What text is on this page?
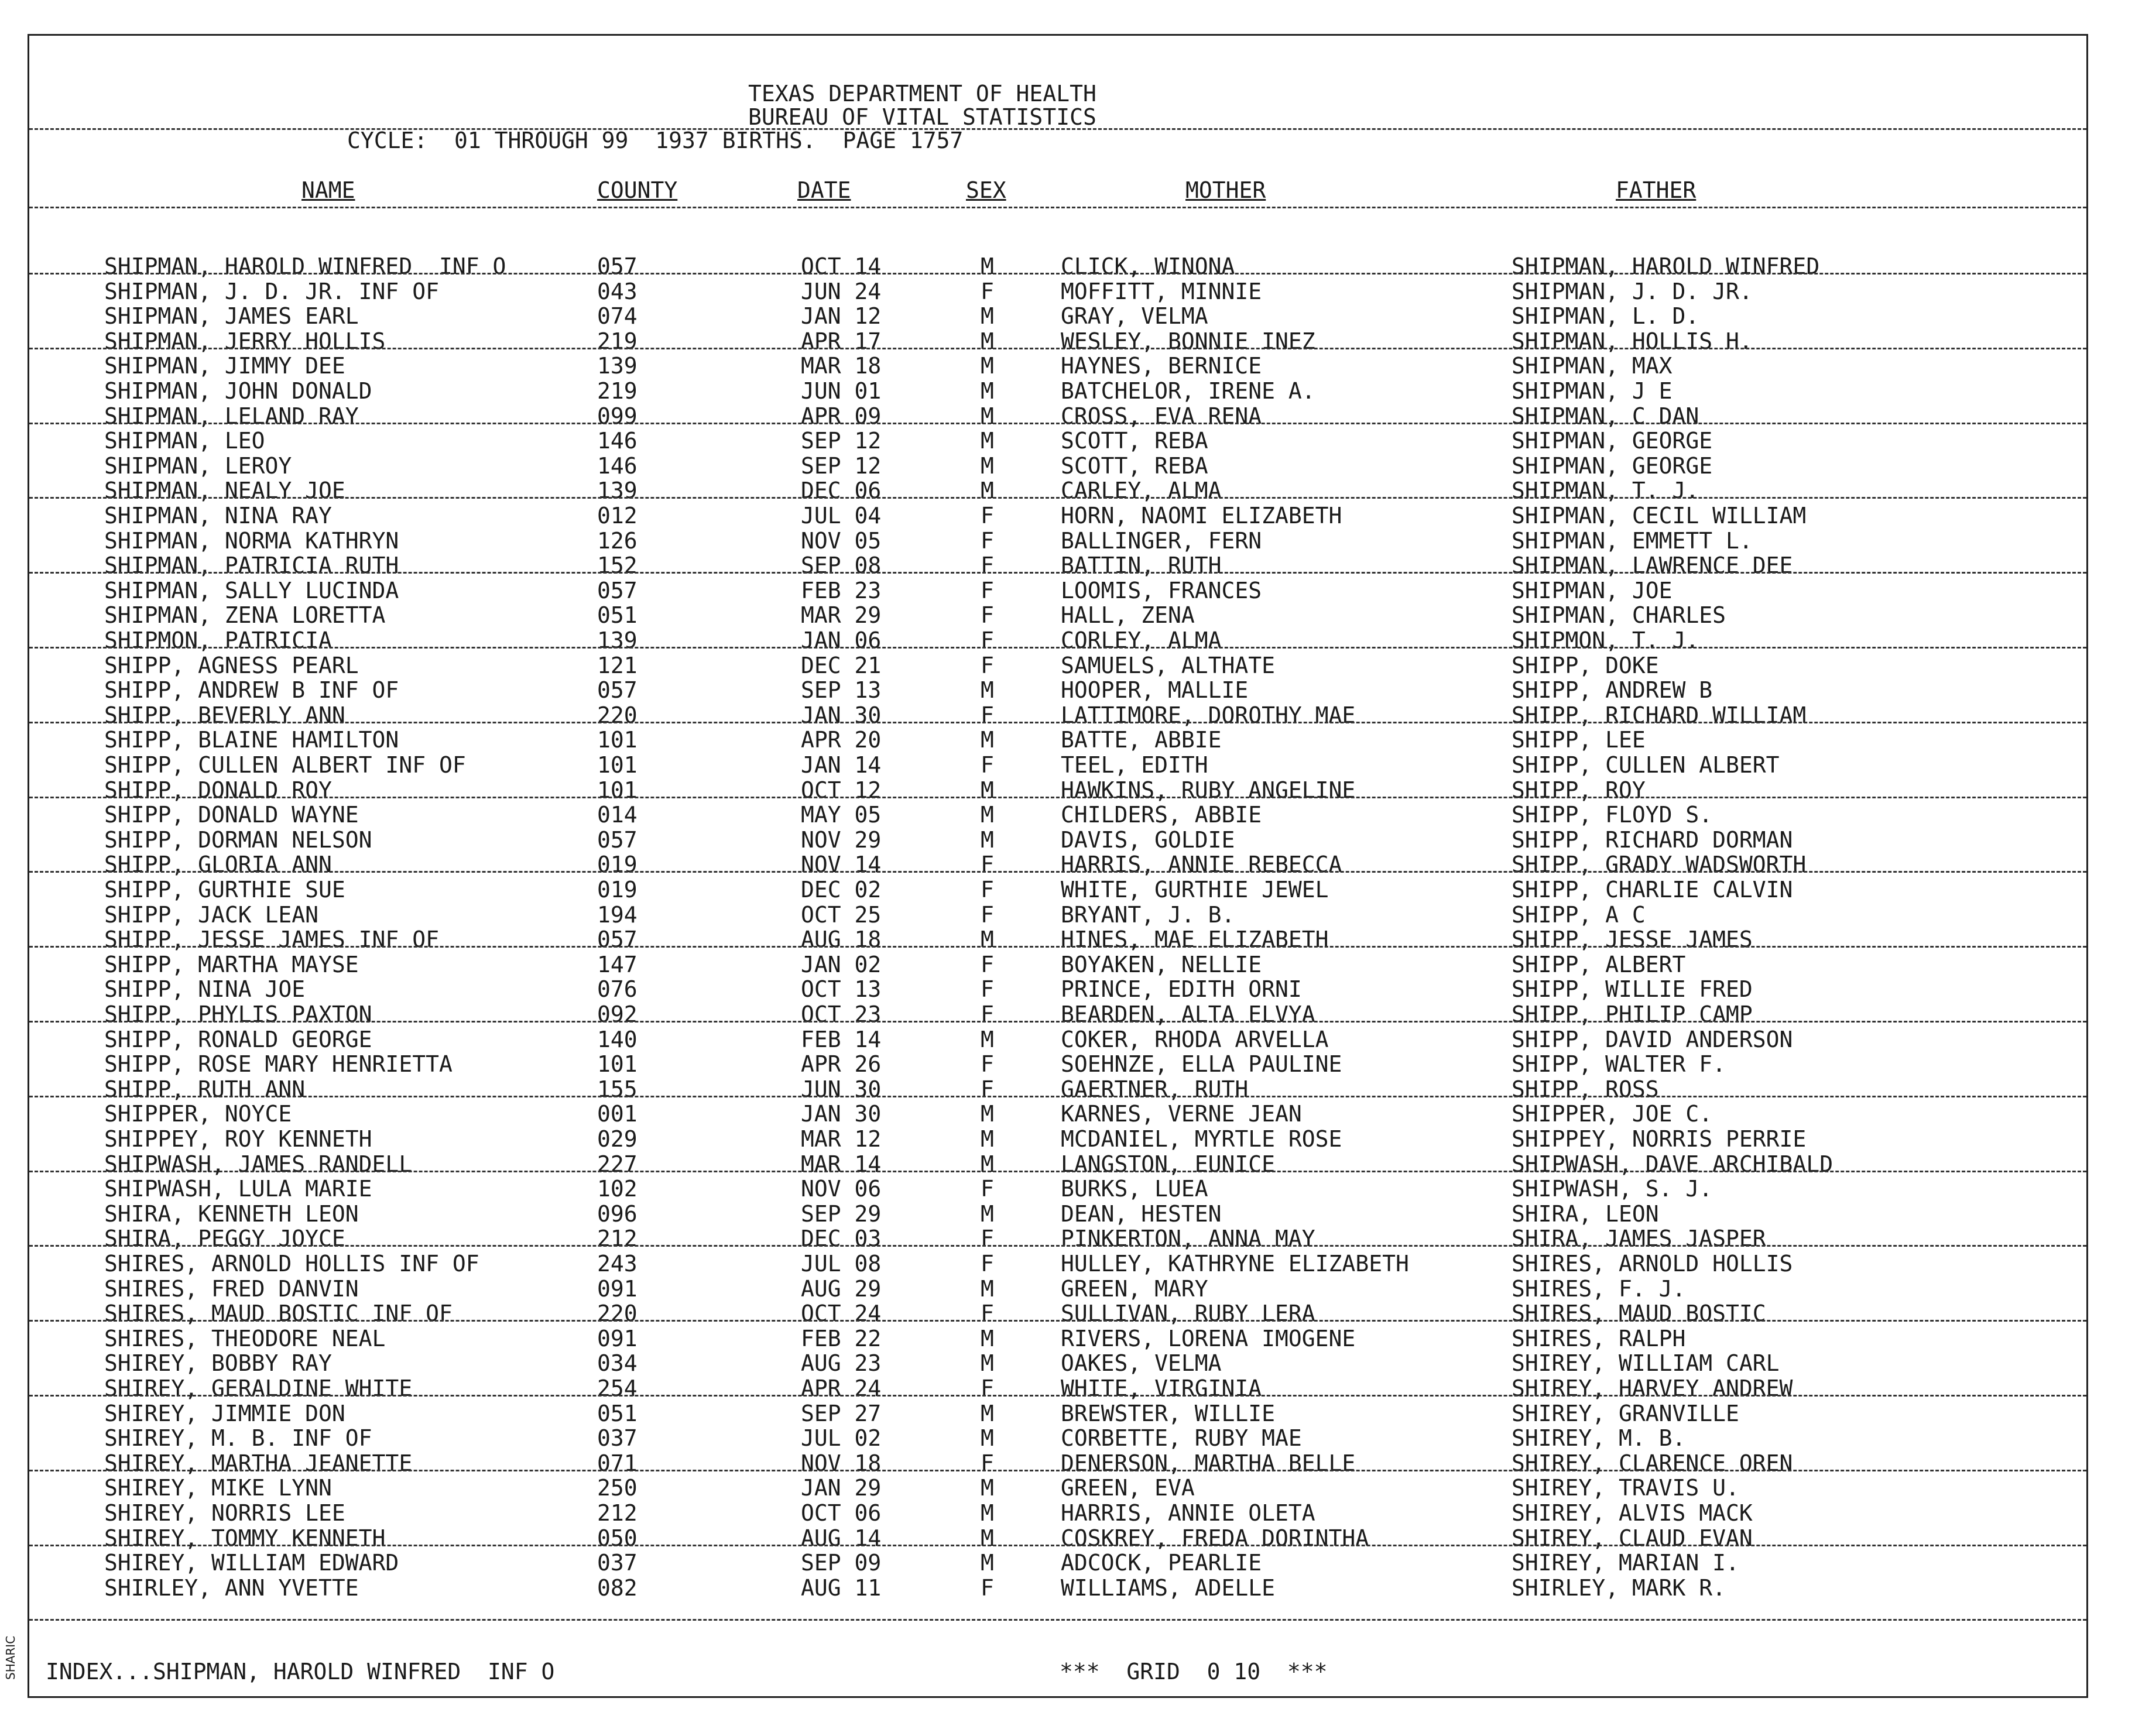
TEXAS DEPARTMENT OF HEALTH
BUREAU OF VITAL STATISTICS
CYCLE:  01 THROUGH 99  1937 BIRTHS.  PAGE 1757
NAME	COUNTY	DATE	SEX	MOTHER	FATHER
SHIPMAN, HAROLD WINFRED  INF O	057	OCT 14	M	CLICK, WINONA	SHIPMAN, HAROLD WINFRED
SHIPMAN, J. D. JR. INF OF	043	JUN 24	F	MOFFITT, MINNIE	SHIPMAN, J. D. JR.
SHIPMAN, JAMES EARL	074	JAN 12	M	GRAY, VELMA	SHIPMAN, L. D.
SHIPMAN, JERRY HOLLIS	219	APR 17	M	WESLEY, BONNIE INEZ	SHIPMAN, HOLLIS H.
SHIPMAN, JIMMY DEE	139	MAR 18	M	HAYNES, BERNICE	SHIPMAN, MAX
SHIPMAN, JOHN DONALD	219	JUN 01	M	BATCHELOR, IRENE A.	SHIPMAN, J E
SHIPMAN, LELAND RAY	099	APR 09	M	CROSS, EVA RENA	SHIPMAN, C DAN
SHIPMAN, LEO	146	SEP 12	M	SCOTT, REBA	SHIPMAN, GEORGE
SHIPMAN, LEROY	146	SEP 12	M	SCOTT, REBA	SHIPMAN, GEORGE
SHIPMAN, NEALY JOE	139	DEC 06	M	CARLEY, ALMA	SHIPMAN, T. J.
SHIPMAN, NINA RAY	012	JUL 04	F	HORN, NAOMI ELIZABETH	SHIPMAN, CECIL WILLIAM
SHIPMAN, NORMA KATHRYN	126	NOV 05	F	BALLINGER, FERN	SHIPMAN, EMMETT L.
SHIPMAN, PATRICIA RUTH	152	SEP 08	F	BATTIN, RUTH	SHIPMAN, LAWRENCE DEE
SHIPMAN, SALLY LUCINDA	057	FEB 23	F	LOOMIS, FRANCES	SHIPMAN, JOE
SHIPMAN, ZENA LORETTA	051	MAR 29	F	HALL, ZENA	SHIPMAN, CHARLES
SHIPMON, PATRICIA	139	JAN 06	F	CORLEY, ALMA	SHIPMON, T. J.
SHIPP, AGNESS PEARL	121	DEC 21	F	SAMUELS, ALTHATE	SHIPP, DOKE
SHIPP, ANDREW B INF OF	057	SEP 13	M	HOOPER, MALLIE	SHIPP, ANDREW B
SHIPP, BEVERLY ANN	220	JAN 30	F	LATTIMORE, DOROTHY MAE	SHIPP, RICHARD WILLIAM
SHIPP, BLAINE HAMILTON	101	APR 20	M	BATTE, ABBIE	SHIPP, LEE
SHIPP, CULLEN ALBERT INF OF	101	JAN 14	F	TEEL, EDITH	SHIPP, CULLEN ALBERT
SHIPP, DONALD ROY	101	OCT 12	M	HAWKINS, RUBY ANGELINE	SHIPP, ROY
SHIPP, DONALD WAYNE	014	MAY 05	M	CHILDERS, ABBIE	SHIPP, FLOYD S.
SHIPP, DORMAN NELSON	057	NOV 29	M	DAVIS, GOLDIE	SHIPP, RICHARD DORMAN
SHIPP, GLORIA ANN	019	NOV 14	F	HARRIS, ANNIE REBECCA	SHIPP, GRADY WADSWORTH
SHIPP, GURTHIE SUE	019	DEC 02	F	WHITE, GURTHIE JEWEL	SHIPP, CHARLIE CALVIN
SHIPP, JACK LEAN	194	OCT 25	F	BRYANT, J. B.	SHIPP, A C
SHIPP, JESSE JAMES INF OF	057	AUG 18	M	HINES, MAE ELIZABETH	SHIPP, JESSE JAMES
SHIPP, MARTHA MAYSE	147	JAN 02	F	BOYAKEN, NELLIE	SHIPP, ALBERT
SHIPP, NINA JOE	076	OCT 13	F	PRINCE, EDITH ORNI	SHIPP, WILLIE FRED
SHIPP, PHYLIS PAXTON	092	OCT 23	F	BEARDEN, ALTA ELVYA	SHIPP, PHILIP CAMP
SHIPP, RONALD GEORGE	140	FEB 14	M	COKER, RHODA ARVELLA	SHIPP, DAVID ANDERSON
SHIPP, ROSE MARY HENRIETTA	101	APR 26	F	SOEHNZE, ELLA PAULINE	SHIPP, WALTER F.
SHIPP, RUTH ANN	155	JUN 30	F	GAERTNER, RUTH	SHIPP, ROSS
SHIPPER, NOYCE	001	JAN 30	M	KARNES, VERNE JEAN	SHIPPER, JOE C.
SHIPPEY, ROY KENNETH	029	MAR 12	M	MCDANIEL, MYRTLE ROSE	SHIPPEY, NORRIS PERRIE
SHIPWASH, JAMES RANDELL	227	MAR 14	M	LANGSTON, EUNICE	SHIPWASH, DAVE ARCHIBALD
SHIPWASH, LULA MARIE	102	NOV 06	F	BURKS, LUEA	SHIPWASH, S. J.
SHIRA, KENNETH LEON	096	SEP 29	M	DEAN, HESTEN	SHIRA, LEON
SHIRA, PEGGY JOYCE	212	DEC 03	F	PINKERTON, ANNA MAY	SHIRA, JAMES JASPER
SHIRES, ARNOLD HOLLIS INF OF	243	JUL 08	F	HULLEY, KATHRYNE ELIZABETH	SHIRES, ARNOLD HOLLIS
SHIRES, FRED DANVIN	091	AUG 29	M	GREEN, MARY	SHIRES, F. J.
SHIRES, MAUD BOSTIC INF OF	220	OCT 24	F	SULLIVAN, RUBY LERA	SHIRES, MAUD BOSTIC
SHIRES, THEODORE NEAL	091	FEB 22	M	RIVERS, LORENA IMOGENE	SHIRES, RALPH
SHIREY, BOBBY RAY	034	AUG 23	M	OAKES, VELMA	SHIREY, WILLIAM CARL
SHIREY, GERALDINE WHITE	254	APR 24	F	WHITE, VIRGINIA	SHIREY, HARVEY ANDREW
SHIREY, JIMMIE DON	051	SEP 27	M	BREWSTER, WILLIE	SHIREY, GRANVILLE
SHIREY, M. B. INF OF	037	JUL 02	M	CORBETTE, RUBY MAE	SHIREY, M. B.
SHIREY, MARTHA JEANETTE	071	NOV 18	F	DENERSON, MARTHA BELLE	SHIREY, CLARENCE OREN
SHIREY, MIKE LYNN	250	JAN 29	M	GREEN, EVA	SHIREY, TRAVIS U.
SHIREY, NORRIS LEE	212	OCT 06	M	HARRIS, ANNIE OLETA	SHIREY, ALVIS MACK
SHIREY, TOMMY KENNETH	050	AUG 14	M	COSKREY, FREDA DORINTHA	SHIREY, CLAUD EVAN
SHIREY, WILLIAM EDWARD	037	SEP 09	M	ADCOCK, PEARLIE	SHIREY, MARIAN I.
SHIRLEY, ANN YVETTE	082	AUG 11	F	WILLIAMS, ADELLE	SHIRLEY, MARK R.
INDEX...SHIPMAN, HAROLD WINFRED  INF O	***  GRID  0 10  ***
SHARIC
